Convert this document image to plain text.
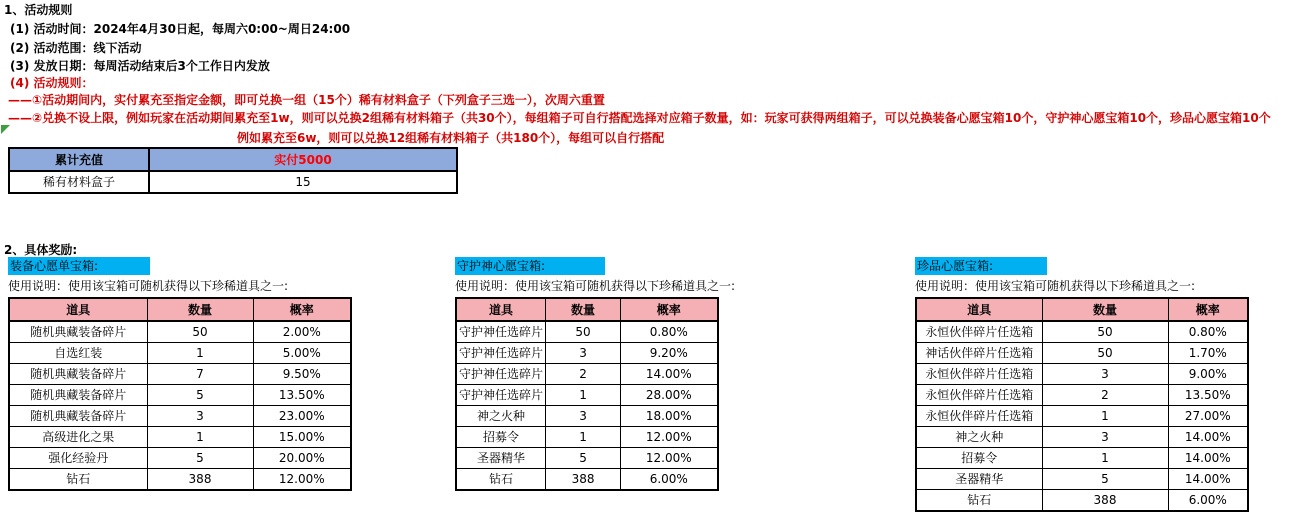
1、活动规则
(1) 活动时间：2024年4月30日起，每周六0:00~周日24:00
(2) 活动范围：线下活动
(3) 发放日期：每周活动结束后3个工作日内发放
(4) 活动规则：
——①活动期间内，实付累充至指定金额，即可兑换一组（15个）稀有材料盒子（下列盒子三选一），次周六重置
——②兑换不设上限，例如玩家在活动期间累充至1w，则可以兑换2组稀有材料箱子（共30个），每组箱子可自行搭配选择对应箱子数量，如：玩家可获得两组箱子，可以兑换装备心愿宝箱10个，守护神心愿宝箱10个，珍品心愿宝箱10个
例如累充至6w，则可以兑换12组稀有材料箱子（共180个），每组可以自行搭配
累计充值	实付5000
稀有材料盒子	15
2、具体奖励:
装备心愿单宝箱:
使用说明：使用该宝箱可随机获得以下珍稀道具之一:
道具	数量	概率
随机典藏装备碎片	50	2.00%
自选红装	1	5.00%
随机典藏装备碎片	7	9.50%
随机典藏装备碎片	5	13.50%
随机典藏装备碎片	3	23.00%
高级进化之果	1	15.00%
强化经验丹	5	20.00%
钻石	388	12.00%
守护神心愿宝箱:
使用说明：使用该宝箱可随机获得以下珍稀道具之一:
道具	数量	概率
守护神任选碎片	50	0.80%
守护神任选碎片	3	9.20%
守护神任选碎片	2	14.00%
守护神任选碎片	1	28.00%
神之火种	3	18.00%
招募令	1	12.00%
圣器精华	5	12.00%
钻石	388	6.00%
珍品心愿宝箱:
使用说明：使用该宝箱可随机获得以下珍稀道具之一:
道具	数量	概率
永恒伙伴碎片任选箱	50	0.80%
神话伙伴碎片任选箱	50	1.70%
永恒伙伴碎片任选箱	3	9.00%
永恒伙伴碎片任选箱	2	13.50%
永恒伙伴碎片任选箱	1	27.00%
神之火种	3	14.00%
招募令	1	14.00%
圣器精华	5	14.00%
钻石	388	6.00%
